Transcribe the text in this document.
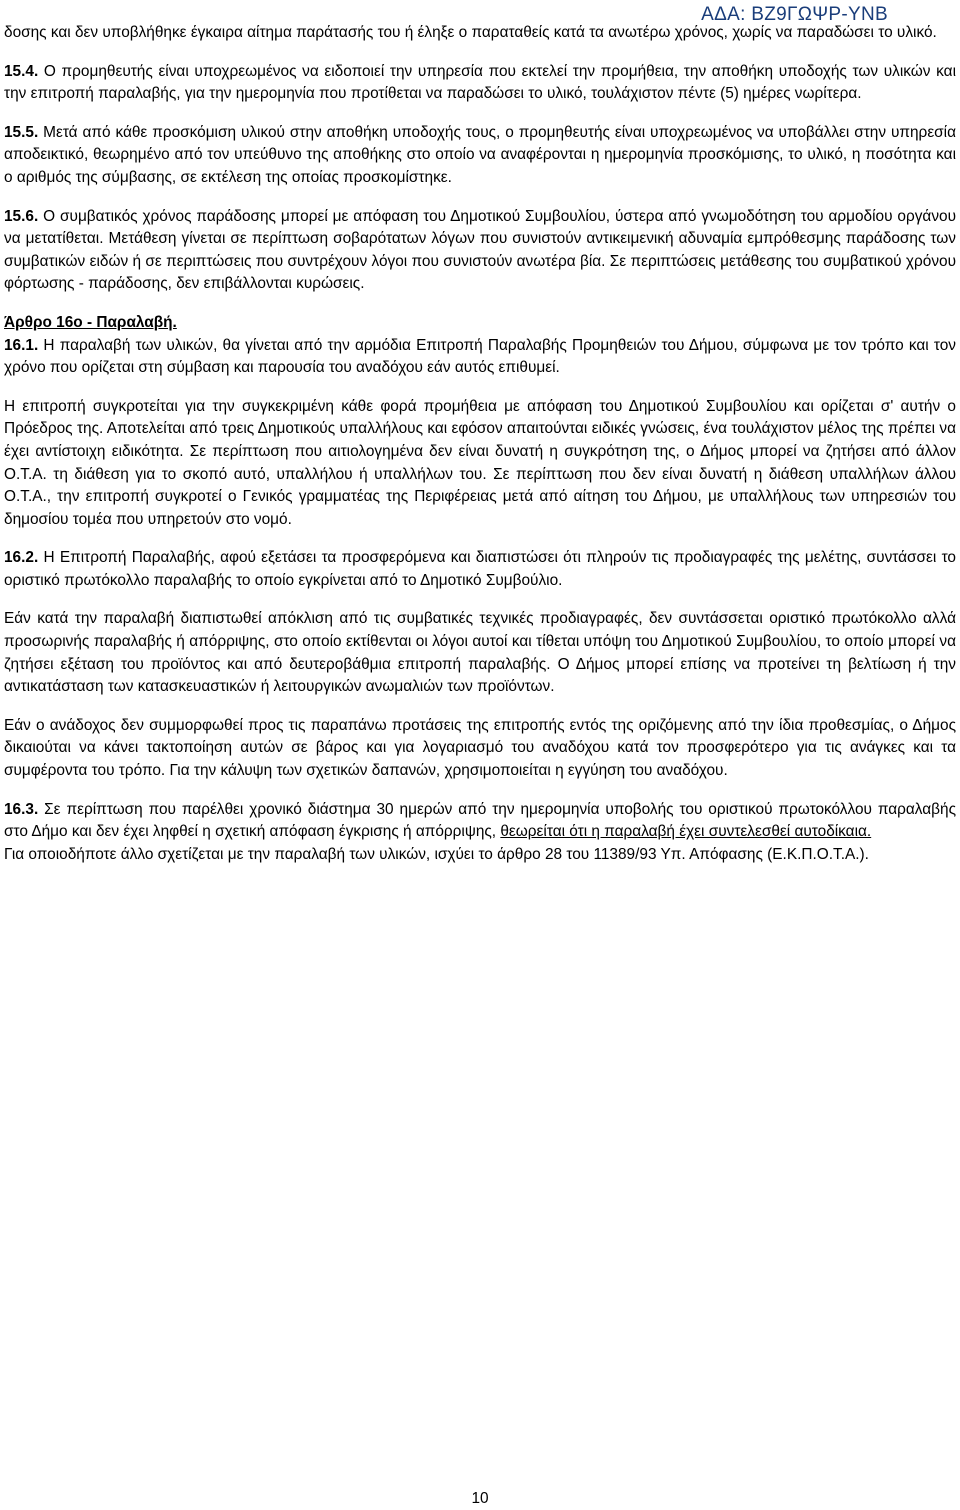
ΑΔΑ: ΒΖ9ΓΩΨΡ-ΥΝΒ

δοσης και δεν υποβλήθηκε έγκαιρα αίτημα παράτασής του ή έληξε ο παραταθείς κατά τα ανωτέρω χρόνος, χωρίς να παραδώσει το υλικό.

15.4. Ο προμηθευτής είναι υποχρεωμένος να ειδοποιεί την υπηρεσία που εκτελεί την προμήθεια, την αποθήκη υποδοχής των υλικών και την επιτροπή παραλαβής, για την ημερομηνία που προτίθεται να παραδώσει το υλικό, τουλάχιστον πέντε (5) ημέρες νωρίτερα.

15.5. Μετά από κάθε προσκόμιση υλικού στην αποθήκη υποδοχής τους, ο προμηθευτής είναι υποχρεωμένος να υποβάλλει στην υπηρεσία αποδεικτικό, θεωρημένο από τον υπεύθυνο της αποθήκης στο οποίο να αναφέρονται η ημερομηνία προσκόμισης, το υλικό, η ποσότητα και ο αριθμός της σύμβασης, σε εκτέλεση της οποίας προσκομίστηκε.

15.6. Ο συμβατικός χρόνος παράδοσης μπορεί με απόφαση του Δημοτικού Συμβουλίου, ύστερα από γνωμοδότηση του αρμοδίου οργάνου να μετατίθεται. Μετάθεση γίνεται σε περίπτωση σοβαρότατων λόγων που συνιστούν αντικειμενική αδυναμία εμπρόθεσμης παράδοσης των συμβατικών ειδών ή σε περιπτώσεις που συντρέχουν λόγοι που συνιστούν ανωτέρα βία. Σε περιπτώσεις μετάθεσης του συμβατικού χρόνου φόρτωσης - παράδοσης, δεν επιβάλλονται κυρώσεις.

Άρθρο 16ο - Παραλαβή.

16.1. Η παραλαβή των υλικών, θα γίνεται από την αρμόδια Επιτροπή Παραλαβής Προμηθειών του Δήμου, σύμφωνα με τον τρόπο και τον χρόνο που ορίζεται στη σύμβαση και παρουσία του αναδόχου εάν αυτός επιθυμεί.

Η επιτροπή συγκροτείται για την συγκεκριμένη κάθε φορά προμήθεια με απόφαση του Δημοτικού Συμβουλίου και ορίζεται σ' αυτήν ο Πρόεδρος της. Αποτελείται από τρεις Δημοτικούς υπαλλήλους και εφόσον απαιτούνται ειδικές γνώσεις, ένα τουλάχιστον μέλος της πρέπει να έχει αντίστοιχη ειδικότητα. Σε περίπτωση που αιτιολογημένα δεν είναι δυνατή η συγκρότηση της, ο Δήμος μπορεί να ζητήσει από άλλον Ο.Τ.Α. τη διάθεση για το σκοπό αυτό, υπαλλήλου ή υπαλλήλων του. Σε περίπτωση που δεν είναι δυνατή η διάθεση υπαλλήλων άλλου Ο.Τ.Α., την επιτροπή συγκροτεί ο Γενικός γραμματέας της Περιφέρειας μετά από αίτηση του Δήμου, με υπαλλήλους των υπηρεσιών του δημοσίου τομέα που υπηρετούν στο νομό.

16.2. Η Επιτροπή Παραλαβής, αφού εξετάσει τα προσφερόμενα και διαπιστώσει ότι πληρούν τις προδιαγραφές της μελέτης, συντάσσει το οριστικό πρωτόκολλο παραλαβής το οποίο εγκρίνεται από το Δημοτικό Συμβούλιο.

Εάν κατά την παραλαβή διαπιστωθεί απόκλιση από τις συμβατικές τεχνικές προδιαγραφές, δεν συντάσσεται οριστικό πρωτόκολλο αλλά προσωρινής παραλαβής ή απόρριψης, στο οποίο εκτίθενται οι λόγοι αυτοί και τίθεται υπόψη του Δημοτικού Συμβουλίου, το οποίο μπορεί να ζητήσει εξέταση του προϊόντος και από δευτεροβάθμια επιτροπή παραλαβής. Ο Δήμος μπορεί επίσης να προτείνει τη βελτίωση ή την αντικατάσταση των κατασκευαστικών ή λειτουργικών ανωμαλιών των προϊόντων.

Εάν ο ανάδοχος δεν συμμορφωθεί προς τις παραπάνω προτάσεις της επιτροπής εντός της οριζόμενης από την ίδια προθεσμίας, ο Δήμος δικαιούται να κάνει τακτοποίηση αυτών σε βάρος και για λογαριασμό του αναδόχου κατά τον προσφερότερο για τις ανάγκες και τα συμφέροντα του τρόπο. Για την κάλυψη των σχετικών δαπανών, χρησιμοποιείται η εγγύηση του αναδόχου.

16.3. Σε περίπτωση που παρέλθει χρονικό διάστημα 30 ημερών από την ημερομηνία υποβολής του οριστικού πρωτοκόλλου παραλαβής στο Δήμο και δεν έχει ληφθεί η σχετική απόφαση έγκρισης ή απόρριψης, θεωρείται ότι η παραλαβή έχει συντελεσθεί αυτοδίκαια.

Για οποιοδήποτε άλλο σχετίζεται με την παραλαβή των υλικών, ισχύει το άρθρο 28 του 11389/93 Υπ. Απόφασης (Ε.Κ.Π.Ο.Τ.Α.).

10
